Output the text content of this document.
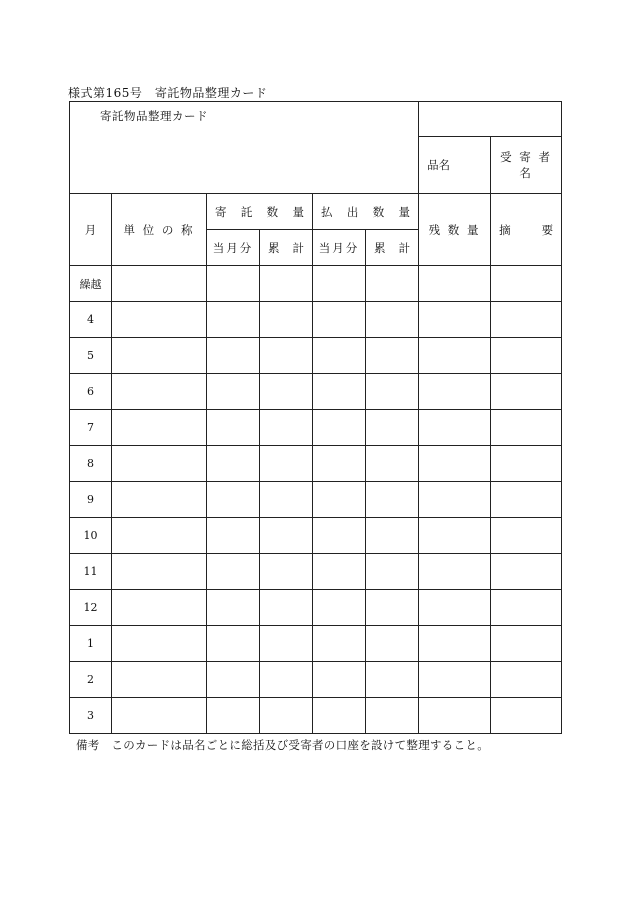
様式第165号　寄託物品整理カード
寄託物品整理カード							
						品名	受 寄 者 名
月	単 位 の 称	寄 託 数 量		払 出 数 量		残 数 量	摘 要

		当月分	累 計	当月分	累 計		

繰越							
4							
5							
6							
7							
8							
9							
10							
11							
12							
1							
2							
3							

備考　このカードは品名ごとに総括及び受寄者の口座を設けて整理すること。
